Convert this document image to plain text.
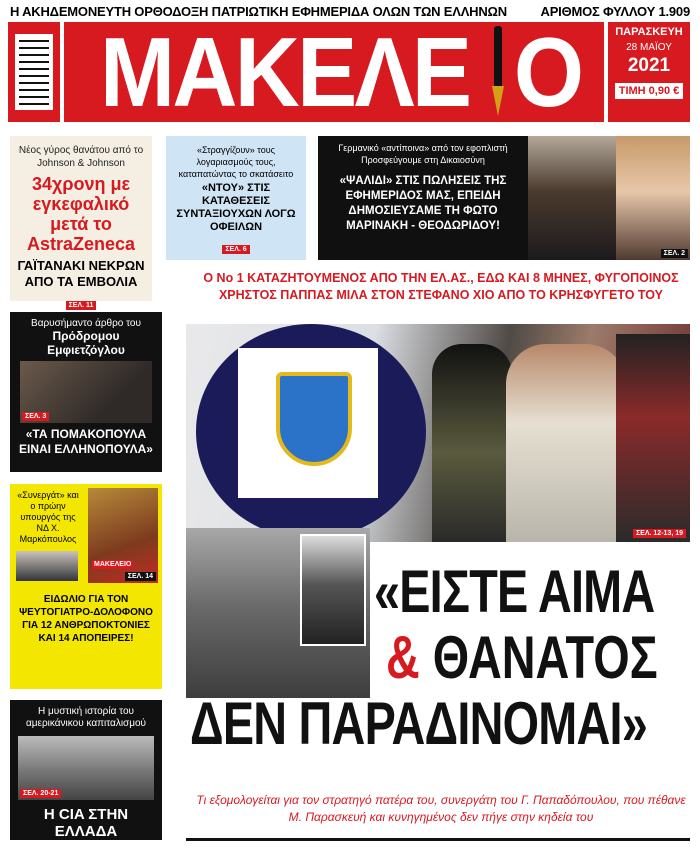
Η ΑΚΗΔΕΜΟΝΕΥΤΗ ΟΡΘΟΔΟΞΗ ΠΑΤΡΙΩΤΙΚΗ ΕΦΗΜΕΡΙΔΑ ΟΛΩΝ ΤΩΝ ΕΛΛΗΝΩΝ	ΑΡΙΘΜΟΣ ΦΥΛΛΟΥ 1.909
ΜΑΚΕΛΕ Ο	ΠΑΡΑΣΚΕΥΗ
28 ΜΑΪΟΥ
2021
ΤΙΜΗ 0,90 €
Νέος γύρος θανάτου από το Johnson & Johnson
34χρονη με εγκεφαλικό μετά το AstraZeneca
ΓΑΪΤΑΝΑΚΙ ΝΕΚΡΩΝ ΑΠΟ ΤΑ ΕΜΒΟΛΙΑ
ΣΕΛ. 11
Βαρυσήμαντο άρθρο του
Πρόδρομου Εμφιετζόγλου
ΣΕΛ. 3
«ΤΑ ΠΟΜΑΚΟΠΟΥΛΑ ΕΙΝΑΙ ΕΛΛΗΝΟΠΟΥΛΑ»
«Συνεργάτ» και ο πρώην υπουργός της ΝΔ Χ. Μαρκόπουλος
ΜΑΚΕΛΕΙΟ
ΣΕΛ. 14
ΕΙΔΩΛΙΟ ΓΙΑ ΤΟΝ ΨΕΥΤΟΓΙΑΤΡΟ-ΔΟΛΟΦΟΝΟ ΓΙΑ 12 ΑΝΘΡΩΠΟΚΤΟΝΙΕΣ ΚΑΙ 14 ΑΠΟΠΕΙΡΕΣ!
Η μυστική ιστορία του αμερικάνικου καπιταλισμού
ΣΕΛ. 20-21
Η CIA ΣΤΗΝ ΕΛΛΑΔΑ
«Στραγγίζουν» τους λογαριασμούς τους, καταπατώντας το σκατάσειτο
«ΝΤΟΥ» ΣΤΙΣ ΚΑΤΑΘΕΣΕΙΣ ΣΥΝΤΑΞΙΟΥΧΩΝ ΛΟΓΩ ΟΦΕΙΛΩΝ
ΣΕΛ. 6
Γερμανικό «αντίποινα» από τον εφοπλιστή Προσφεύγουμε στη Δικαιοσύνη
«ΨΑΛΙΔΙ» ΣΤΙΣ ΠΩΛΗΣΕΙΣ ΤΗΣ ΕΦΗΜΕΡΙΔΟΣ ΜΑΣ, ΕΠΕΙΔΗ ΔΗΜΟΣΙΕΥΣΑΜΕ ΤΗ ΦΩΤΟ ΜΑΡΙΝΑΚΗ - ΘΕΟΔΩΡΙΔΟΥ!
ΣΕΛ. 2
Ο Νο 1 ΚΑΤΑΖΗΤΟΥΜΕΝΟΣ ΑΠΟ ΤΗΝ ΕΛ.ΑΣ., ΕΔΩ ΚΑΙ 8 ΜΗΝΕΣ, ΦΥΓΟΠΟΙΝΟΣ ΧΡΗΣΤΟΣ ΠΑΠΠΑΣ ΜΙΛΑ ΣΤΟΝ ΣΤΕΦΑΝΟ ΧΙΟ ΑΠΟ ΤΟ ΚΡΗΣΦΥΓΕΤΟ ΤΟΥ
ΣΕΛ. 12-13, 19
«ΕΙΣΤΕ ΑΙΜΑ
& ΘΑΝΑΤΟΣ
ΔΕΝ ΠΑΡΑΔΙΝΟΜΑΙ»
Τι εξομολογείται για τον στρατηγό πατέρα του, συνεργάτη του Γ. Παπαδόπουλου, που πέθανε Μ. Παρασκευή και κυνηγημένος δεν πήγε στην κηδεία του
